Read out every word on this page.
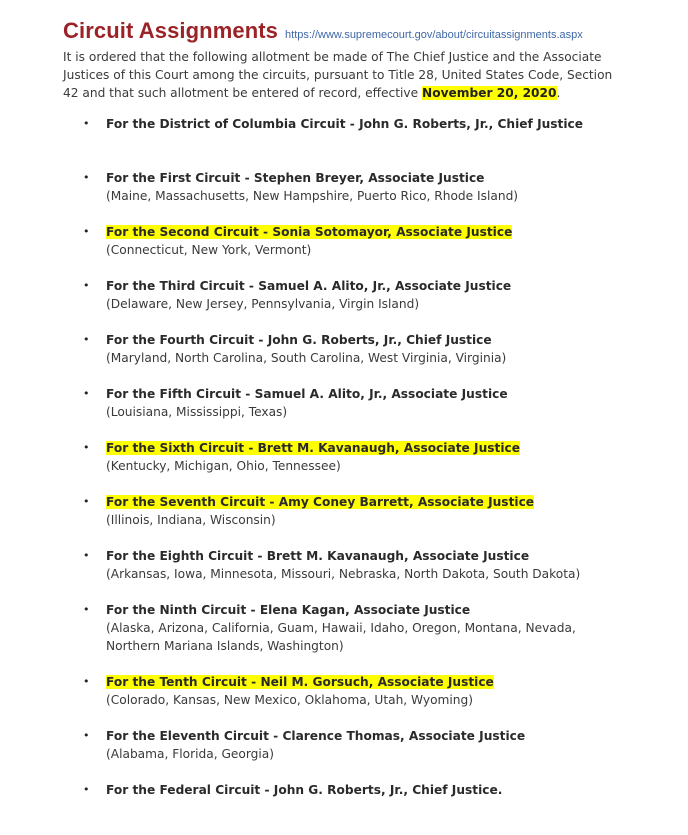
Circuit Assignments https://www.supremecourt.gov/about/circuitassignments.aspx

It is ordered that the following allotment be made of The Chief Justice and the Associate Justices of this Court among the circuits, pursuant to Title 28, United States Code, Section 42 and that such allotment be entered of record, effective November 20, 2020.

• For the District of Columbia Circuit - John G. Roberts, Jr., Chief Justice
• For the First Circuit - Stephen Breyer, Associate Justice
(Maine, Massachusetts, New Hampshire, Puerto Rico, Rhode Island)
• For the Second Circuit - Sonia Sotomayor, Associate Justice
(Connecticut, New York, Vermont)
• For the Third Circuit - Samuel A. Alito, Jr., Associate Justice
(Delaware, New Jersey, Pennsylvania, Virgin Island)
• For the Fourth Circuit - John G. Roberts, Jr., Chief Justice
(Maryland, North Carolina, South Carolina, West Virginia, Virginia)
• For the Fifth Circuit - Samuel A. Alito, Jr., Associate Justice
(Louisiana, Mississippi, Texas)
• For the Sixth Circuit - Brett M. Kavanaugh, Associate Justice
(Kentucky, Michigan, Ohio, Tennessee)
• For the Seventh Circuit - Amy Coney Barrett, Associate Justice
(Illinois, Indiana, Wisconsin)
• For the Eighth Circuit - Brett M. Kavanaugh, Associate Justice
(Arkansas, Iowa, Minnesota, Missouri, Nebraska, North Dakota, South Dakota)
• For the Ninth Circuit - Elena Kagan, Associate Justice
(Alaska, Arizona, California, Guam, Hawaii, Idaho, Oregon, Montana, Nevada, Northern Mariana Islands, Washington)
• For the Tenth Circuit - Neil M. Gorsuch, Associate Justice
(Colorado, Kansas, New Mexico, Oklahoma, Utah, Wyoming)
• For the Eleventh Circuit - Clarence Thomas, Associate Justice
(Alabama, Florida, Georgia)
• For the Federal Circuit - John G. Roberts, Jr., Chief Justice.
